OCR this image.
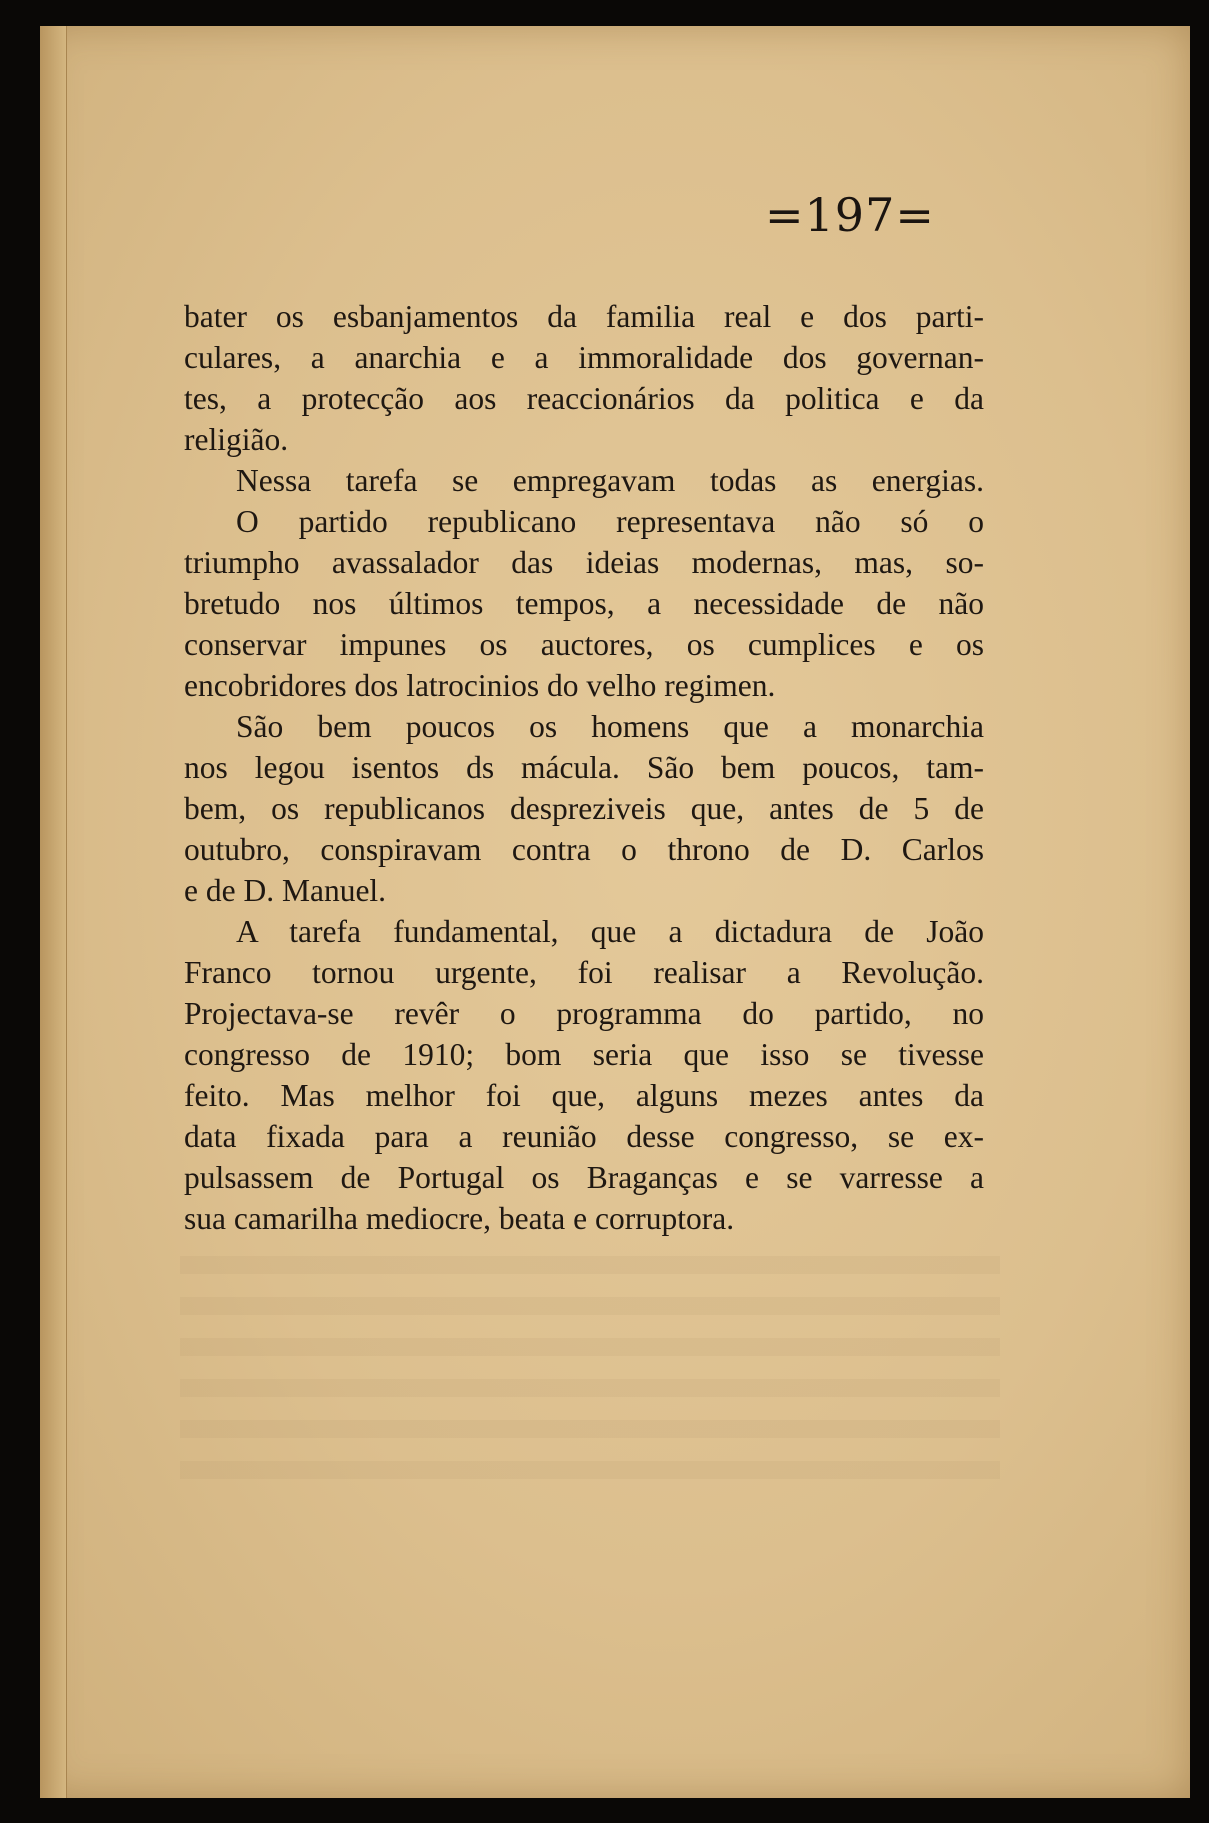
=197=

bater os esbanjamentos da familia real e dos parti-
culares, a anarchia e a immoralidade dos governan-
tes, a protecção aos reaccionários da politica e da
religião.
Nessa tarefa se empregavam todas as energias.
O partido republicano representava não só o
triumpho avassalador das ideias modernas, mas, so-
bretudo nos últimos tempos, a necessidade de não
conservar impunes os auctores, os cumplices e os
encobridores dos latrocinios do velho regimen.
São bem poucos os homens que a monarchia
nos legou isentos ds mácula. São bem poucos, tam-
bem, os republicanos despreziveis que, antes de 5 de
outubro, conspiravam contra o throno de D. Carlos
e de D. Manuel.
A tarefa fundamental, que a dictadura de João
Franco tornou urgente, foi realisar a Revolução.
Projectava-se revêr o programma do partido, no
congresso de 1910; bom seria que isso se tivesse
feito. Mas melhor foi que, alguns mezes antes da
data fixada para a reunião desse congresso, se ex-
pulsassem de Portugal os Braganças e se varresse a
sua camarilha mediocre, beata e corruptora.
